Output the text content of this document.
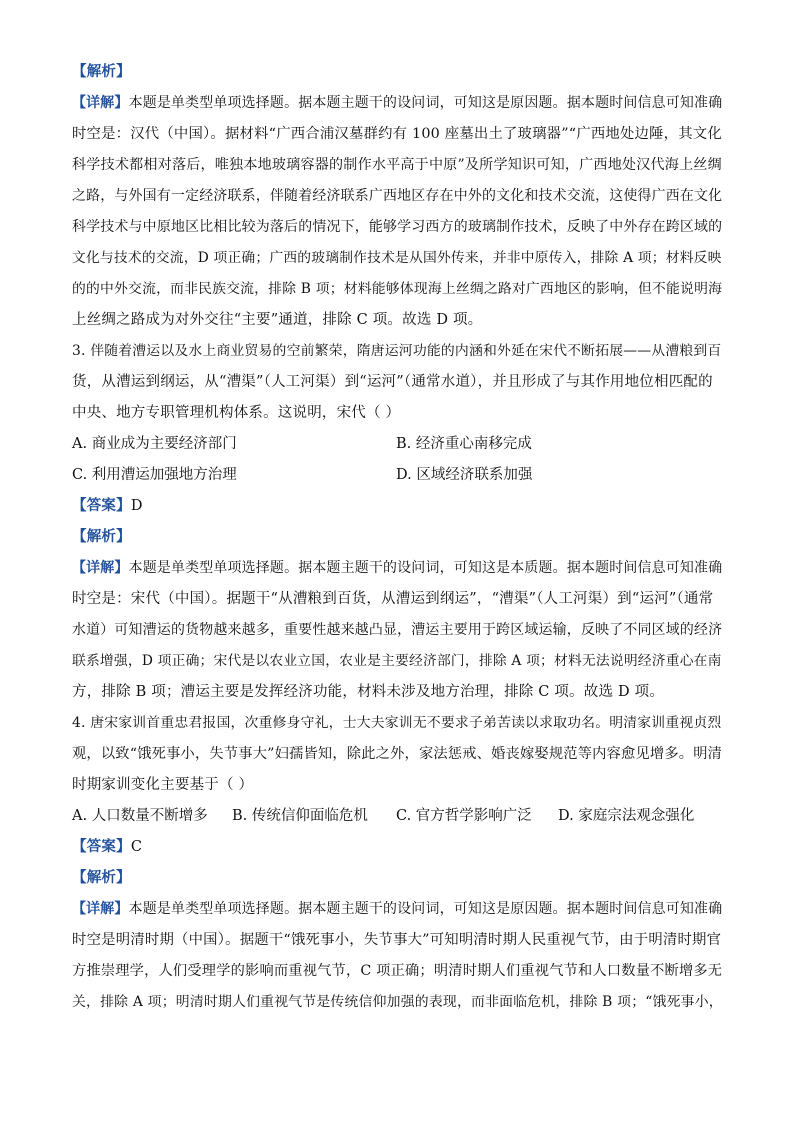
【解析】
【详解】本题是单类型单项选择题。据本题主题干的设问词，可知这是原因题。据本题时间信息可知准确
时空是：汉代（中国）。据材料“广西合浦汉墓群约有 100 座墓出土了玻璃器”“广西地处边陲，其文化
科学技术都相对落后，唯独本地玻璃容器的制作水平高于中原”及所学知识可知，广西地处汉代海上丝绸
之路，与外国有一定经济联系，伴随着经济联系广西地区存在中外的文化和技术交流，这使得广西在文化
科学技术与中原地区比相比较为落后的情况下，能够学习西方的玻璃制作技术，反映了中外存在跨区域的
文化与技术的交流，D 项正确；广西的玻璃制作技术是从国外传来，并非中原传入，排除 A 项；材料反映
的的中外交流，而非民族交流，排除 B 项；材料能够体现海上丝绸之路对广西地区的影响，但不能说明海
上丝绸之路成为对外交往“主要”通道，排除 C 项。故选 D 项。
3. 伴随着漕运以及水上商业贸易的空前繁荣，隋唐运河功能的内涵和外延在宋代不断拓展——从漕粮到百
货，从漕运到纲运，从“漕渠”（人工河渠）到“运河”（通常水道），并且形成了与其作用地位相匹配的
中央、地方专职管理机构体系。这说明，宋代（ ）
A. 商业成为主要经济部门	B. 经济重心南移完成
C. 利用漕运加强地方治理	D. 区域经济联系加强
【答案】D
【解析】
【详解】本题是单类型单项选择题。据本题主题干的设问词，可知这是本质题。据本题时间信息可知准确
时空是：宋代（中国）。据题干“从漕粮到百货，从漕运到纲运”，“漕渠”（人工河渠）到“运河”（通常
水道）可知漕运的货物越来越多，重要性越来越凸显，漕运主要用于跨区域运输，反映了不同区域的经济
联系增强，D 项正确；宋代是以农业立国，农业是主要经济部门，排除 A 项；材料无法说明经济重心在南
方，排除 B 项；漕运主要是发挥经济功能，材料未涉及地方治理，排除 C 项。故选 D 项。
4. 唐宋家训首重忠君报国，次重修身守礼，士大夫家训无不要求子弟苦读以求取功名。明清家训重视贞烈
观，以致“饿死事小，失节事大”妇孺皆知，除此之外，家法惩戒、婚丧嫁娶规范等内容愈见增多。明清
时期家训变化主要基于（ ）
A. 人口数量不断增多 B. 传统信仰面临危机 C. 官方哲学影响广泛 D. 家庭宗法观念强化
【答案】C
【解析】
【详解】本题是单类型单项选择题。据本题主题干的设问词，可知这是原因题。据本题时间信息可知准确
时空是明清时期（中国）。据题干“饿死事小，失节事大”可知明清时期人民重视气节，由于明清时期官
方推崇理学，人们受理学的影响而重视气节，C 项正确；明清时期人们重视气节和人口数量不断增多无
关，排除 A 项；明清时期人们重视气节是传统信仰加强的表现，而非面临危机，排除 B 项；“饿死事小，
